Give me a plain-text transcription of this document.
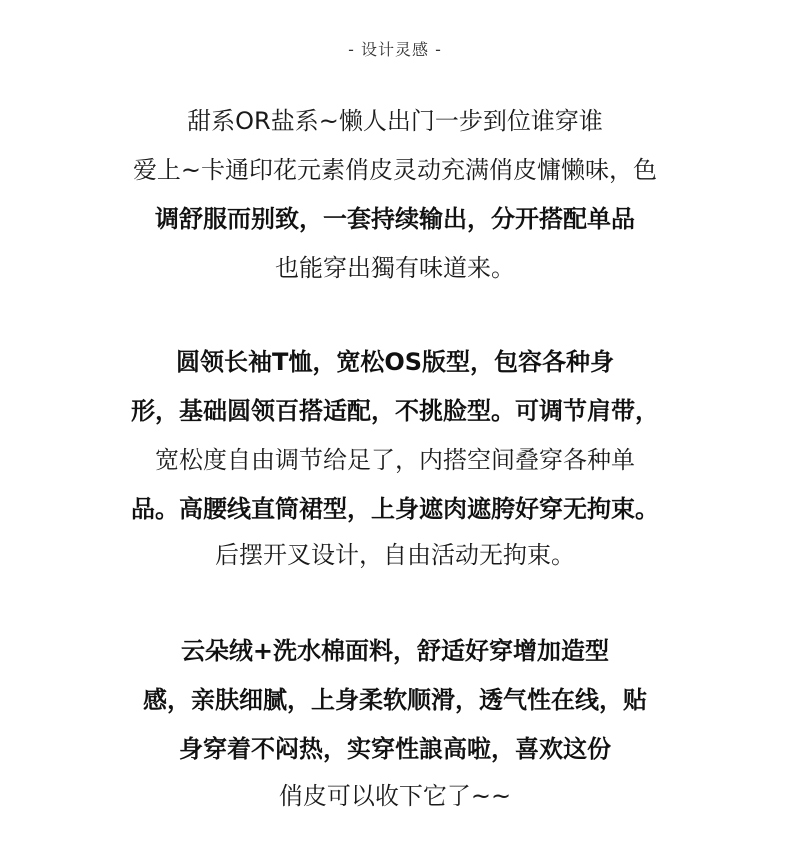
- 设计灵感 -
甜系OR盐系~懒人出门一步到位谁穿谁
爱上~卡通印花元素俏皮灵动充满俏皮慵懒味，色
调舒服而别致，一套持续输出，分开搭配单品
也能穿出獨有味道来。
圆领长袖T恤，宽松OS版型，包容各种身
形，基础圆领百搭适配，不挑脸型。可调节肩带，
宽松度自由调节给足了，内搭空间叠穿各种单
品。高腰线直筒裙型，上身遮肉遮胯好穿无拘束。
后摆开叉设计，自由活动无拘束。
云朵绒+洗水棉面料，舒适好穿增加造型
感，亲肤细腻，上身柔软顺滑，透气性在线，贴
身穿着不闷热，实穿性誏高啦，喜欢这份
俏皮可以收下它了~~
